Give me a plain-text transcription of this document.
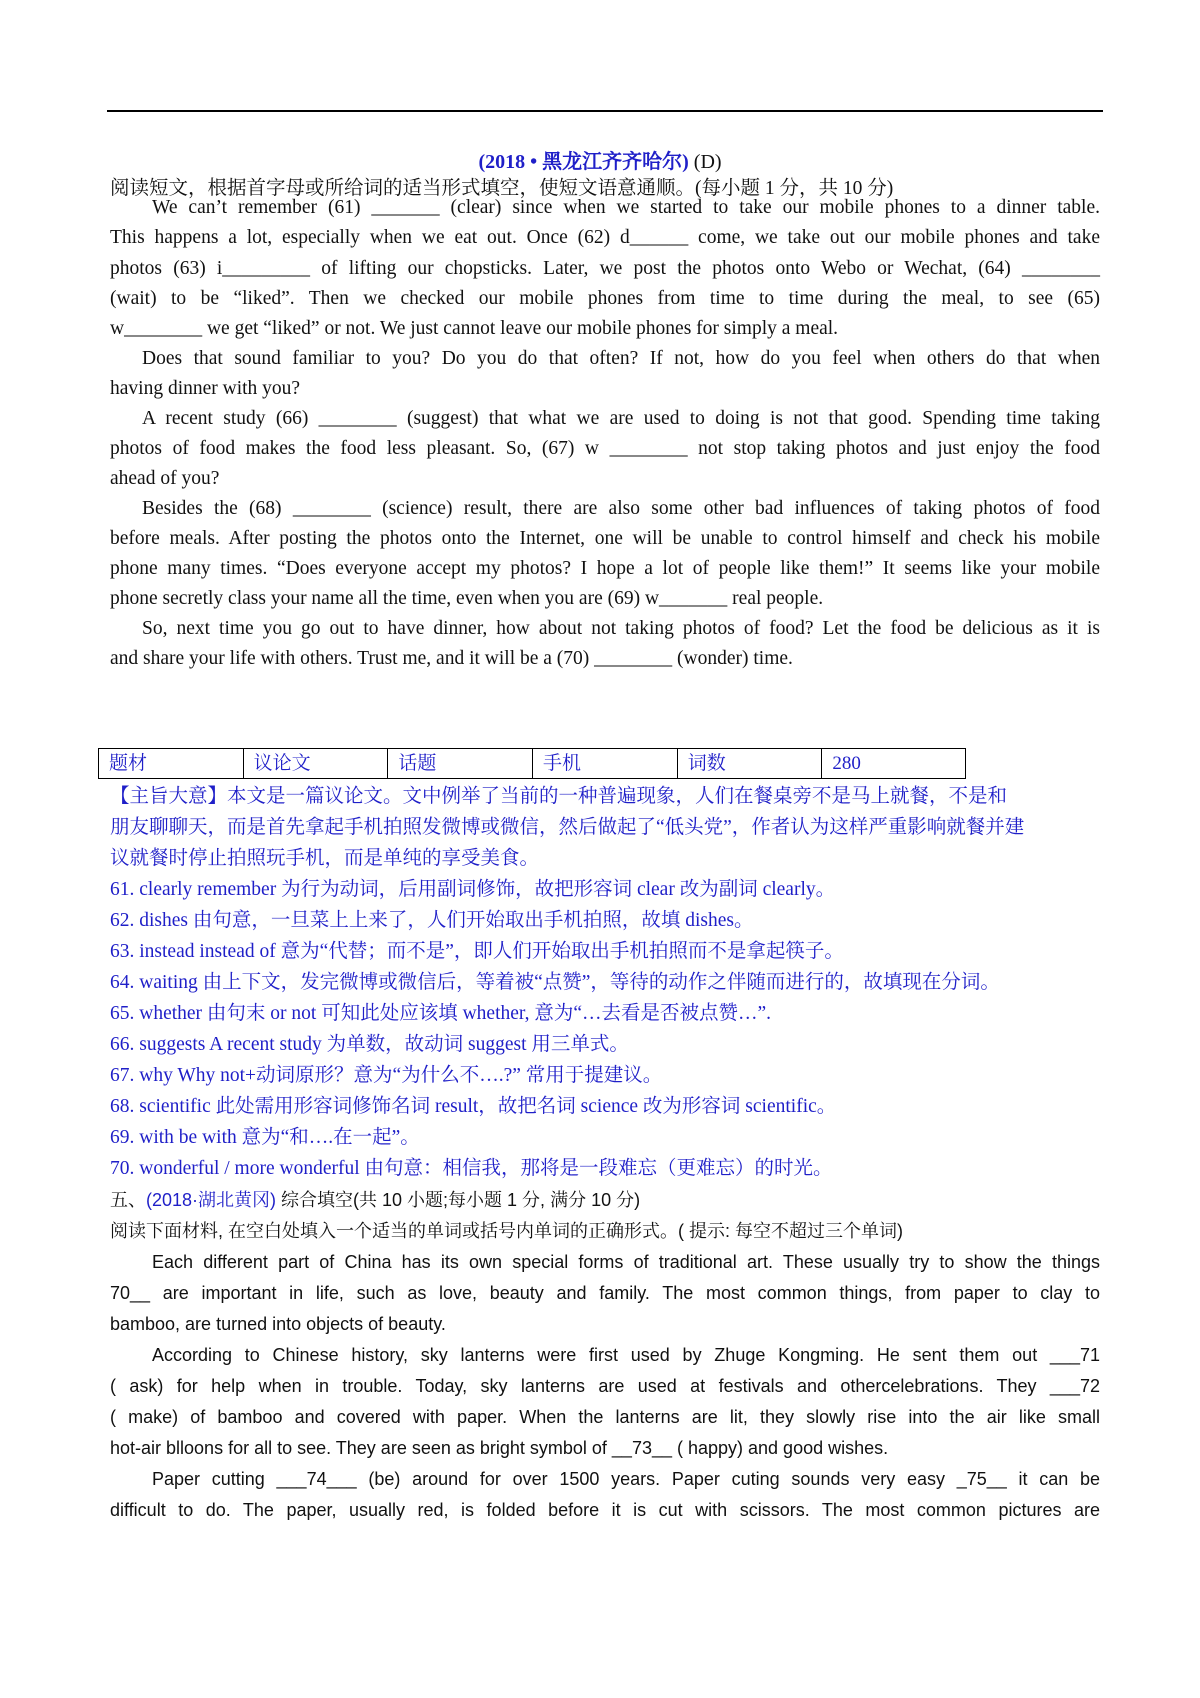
(2018 • 黑龙江齐齐哈尔) (D)
阅读短文，根据首字母或所给词的适当形式填空，使短文语意通顺。(每小题 1 分，共 10 分)
We can’t remember (61) _______ (clear) since when we started to take our mobile phones to a dinner table.
This happens a lot, especially when we eat out. Once (62) d______ come, we take out our mobile phones and take
photos (63) i_________ of lifting our chopsticks. Later, we post the photos onto Webo or Wechat, (64) ________
(wait) to be “liked”. Then we checked our mobile phones from time to time during the meal, to see (65)
w________ we get “liked” or not. We just cannot leave our mobile phones for simply a meal.
Does that sound familiar to you? Do you do that often? If not, how do you feel when others do that when
having dinner with you?
A recent study (66) ________ (suggest) that what we are used to doing is not that good. Spending time taking
photos of food makes the food less pleasant. So, (67) w ________ not stop taking photos and just enjoy the food
ahead of you?
Besides the (68) ________ (science) result, there are also some other bad influences of taking photos of food
before meals. After posting the photos onto the Internet, one will be unable to control himself and check his mobile
phone many times. “Does everyone accept my photos? I hope a lot of people like them!” It seems like your mobile
phone secretly class your name all the time, even when you are (69) w_______ real people.
So, next time you go out to have dinner, how about not taking photos of food? Let the food be delicious as it is
and share your life with others. Trust me, and it will be a (70) ________ (wonder) time.
题材	议论文	话题	手机	词数	280
【主旨大意】本文是一篇议论文。文中例举了当前的一种普遍现象，人们在餐桌旁不是马上就餐，不是和
朋友聊聊天，而是首先拿起手机拍照发微博或微信，然后做起了“低头党”，作者认为这样严重影响就餐并建
议就餐时停止拍照玩手机，而是单纯的享受美食。
61. clearly remember 为行为动词，后用副词修饰，故把形容词 clear 改为副词 clearly。
62. dishes 由句意，一旦菜上上来了，人们开始取出手机拍照，故填 dishes。
63. instead instead of 意为“代替；而不是”，即人们开始取出手机拍照而不是拿起筷子。
64. waiting 由上下文，发完微博或微信后，等着被“点赞”，等待的动作之伴随而进行的，故填现在分词。
65. whether 由句末 or not 可知此处应该填 whether, 意为“…去看是否被点赞…”.
66. suggests A recent study 为单数，故动词 suggest 用三单式。
67. why Why not+动词原形？意为“为什么不….?” 常用于提建议。
68. scientific 此处需用形容词修饰名词 result，故把名词 science 改为形容词 scientific。
69. with be with 意为“和….在一起”。
70. wonderful / more wonderful 由句意：相信我，那将是一段难忘（更难忘）的时光。
五、(2018·湖北黄冈) 综合填空(共 10 小题;每小题 1 分, 满分 10 分)
阅读下面材料, 在空白处填入一个适当的单词或括号内单词的正确形式。( 提示: 每空不超过三个单词)
Each different part of China has its own special forms of traditional art. These usually try to show the things
70__ are important in life, such as love, beauty and family. The most common things, from paper to clay to
bamboo, are turned into objects of beauty.
According to Chinese history, sky lanterns were first used by Zhuge Kongming. He sent them out ___71
( ask) for help when in trouble. Today, sky lanterns are used at festivals and othercelebrations. They ___72
( make) of bamboo and covered with paper. When the lanterns are lit, they slowly rise into the air like small
hot-air blloons for all to see. They are seen as bright symbol of __73__ ( happy) and good wishes.
Paper cutting ___74___ (be) around for over 1500 years. Paper cuting sounds very easy _75__ it can be
difficult to do. The paper, usually red, is folded before it is cut with scissors. The most common pictures are
